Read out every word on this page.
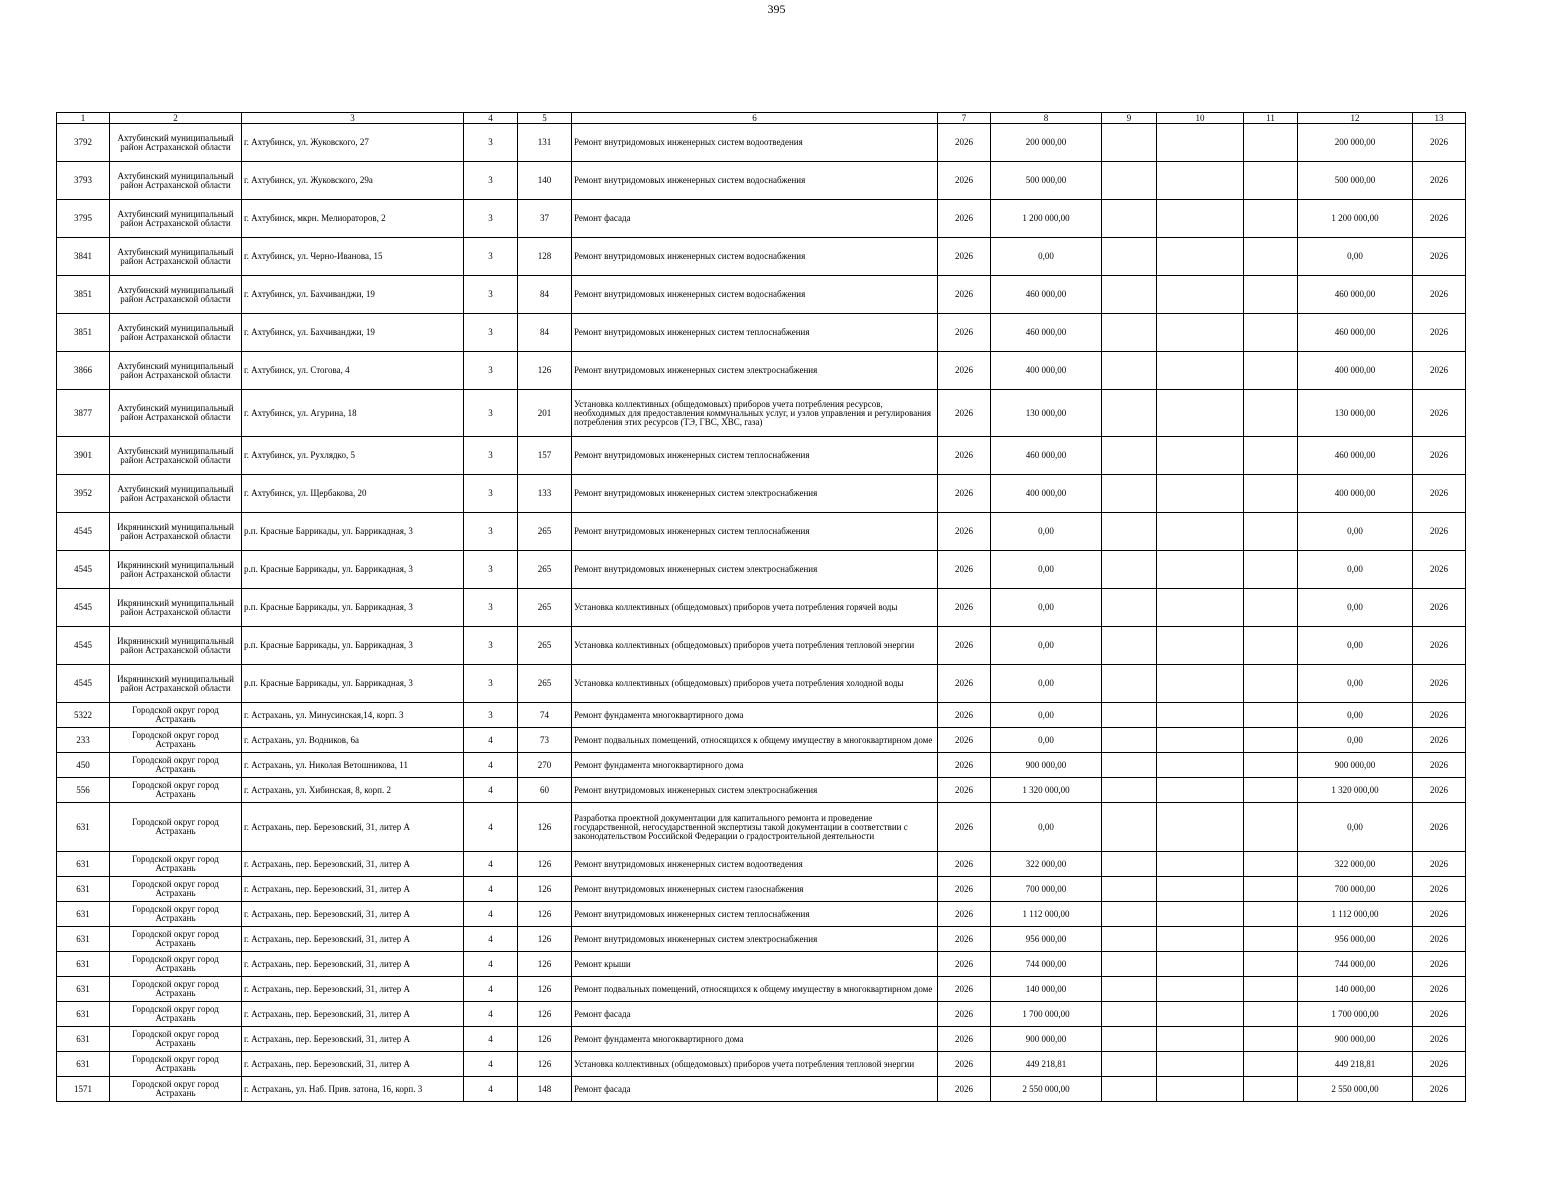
395
1	2	3	4	5	6	7	8	9	10	11	12	13
3792	Ахтубинский муниципальный район Астраханской области	г. Ахтубинск, ул. Жуковского, 27	3	131	Ремонт внутридомовых инженерных систем водоотведения	2026	200 000,00				200 000,00	2026
3793	Ахтубинский муниципальный район Астраханской области	г. Ахтубинск, ул. Жуковского, 29а	3	140	Ремонт внутридомовых инженерных систем водоснабжения	2026	500 000,00				500 000,00	2026
3795	Ахтубинский муниципальный район Астраханской области	г. Ахтубинск, мкрн. Мелиораторов, 2	3	37	Ремонт фасада	2026	1 200 000,00				1 200 000,00	2026
3841	Ахтубинский муниципальный район Астраханской области	г. Ахтубинск, ул. Черно-Иванова, 15	3	128	Ремонт внутридомовых инженерных систем водоснабжения	2026	0,00				0,00	2026
3851	Ахтубинский муниципальный район Астраханской области	г. Ахтубинск, ул. Бахчиванджи, 19	3	84	Ремонт внутридомовых инженерных систем водоснабжения	2026	460 000,00				460 000,00	2026
3851	Ахтубинский муниципальный район Астраханской области	г. Ахтубинск, ул. Бахчиванджи, 19	3	84	Ремонт внутридомовых инженерных систем теплоснабжения	2026	460 000,00				460 000,00	2026
3866	Ахтубинский муниципальный район Астраханской области	г. Ахтубинск, ул. Стогова, 4	3	126	Ремонт внутридомовых инженерных систем электроснабжения	2026	400 000,00				400 000,00	2026
3877	Ахтубинский муниципальный район Астраханской области	г. Ахтубинск, ул. Агурина, 18	3	201	Установка коллективных (общедомовых) приборов учета потребления ресурсов, необходимых для предоставления коммунальных услуг, и узлов управления и регулирования потребления этих ресурсов (ТЭ, ГВС, ХВС, газа)	2026	130 000,00				130 000,00	2026
3901	Ахтубинский муниципальный район Астраханской области	г. Ахтубинск, ул. Рухлядко, 5	3	157	Ремонт внутридомовых инженерных систем теплоснабжения	2026	460 000,00				460 000,00	2026
3952	Ахтубинский муниципальный район Астраханской области	г. Ахтубинск, ул. Щербакова, 20	3	133	Ремонт внутридомовых инженерных систем электроснабжения	2026	400 000,00				400 000,00	2026
4545	Икрянинский муниципальный район Астраханской области	р.п. Красные Баррикады, ул. Баррикадная, 3	3	265	Ремонт внутридомовых инженерных систем теплоснабжения	2026	0,00				0,00	2026
4545	Икрянинский муниципальный район Астраханской области	р.п. Красные Баррикады, ул. Баррикадная, 3	3	265	Ремонт внутридомовых инженерных систем электроснабжения	2026	0,00				0,00	2026
4545	Икрянинский муниципальный район Астраханской области	р.п. Красные Баррикады, ул. Баррикадная, 3	3	265	Установка коллективных (общедомовых) приборов учета потребления горячей воды	2026	0,00				0,00	2026
4545	Икрянинский муниципальный район Астраханской области	р.п. Красные Баррикады, ул. Баррикадная, 3	3	265	Установка коллективных (общедомовых) приборов учета потребления тепловой энергии	2026	0,00				0,00	2026
4545	Икрянинский муниципальный район Астраханской области	р.п. Красные Баррикады, ул. Баррикадная, 3	3	265	Установка коллективных (общедомовых) приборов учета потребления холодной воды	2026	0,00				0,00	2026
5322	Городской округ город Астрахань	г. Астрахань, ул. Минусинская,14, корп. 3	3	74	Ремонт фундамента многоквартирного дома	2026	0,00				0,00	2026
233	Городской округ город Астрахань	г. Астрахань, ул. Водников, 6а	4	73	Ремонт подвальных помещений, относящихся к общему имуществу в многоквартирном доме	2026	0,00				0,00	2026
450	Городской округ город Астрахань	г. Астрахань, ул. Николая Ветошникова, 11	4	270	Ремонт фундамента многоквартирного дома	2026	900 000,00				900 000,00	2026
556	Городской округ город Астрахань	г. Астрахань, ул. Хибинская, 8, корп. 2	4	60	Ремонт внутридомовых инженерных систем электроснабжения	2026	1 320 000,00				1 320 000,00	2026
631	Городской округ город Астрахань	г. Астрахань, пер. Березовский, 31, литер А	4	126	Разработка проектной документации для капитального ремонта и проведение государственной, негосударственной экспертизы такой документации в соответствии с законодательством Российской Федерации о градостроительной деятельности	2026	0,00				0,00	2026
631	Городской округ город Астрахань	г. Астрахань, пер. Березовский, 31, литер А	4	126	Ремонт внутридомовых инженерных систем водоотведения	2026	322 000,00				322 000,00	2026
631	Городской округ город Астрахань	г. Астрахань, пер. Березовский, 31, литер А	4	126	Ремонт внутридомовых инженерных систем газоснабжения	2026	700 000,00				700 000,00	2026
631	Городской округ город Астрахань	г. Астрахань, пер. Березовский, 31, литер А	4	126	Ремонт внутридомовых инженерных систем теплоснабжения	2026	1 112 000,00				1 112 000,00	2026
631	Городской округ город Астрахань	г. Астрахань, пер. Березовский, 31, литер А	4	126	Ремонт внутридомовых инженерных систем электроснабжения	2026	956 000,00				956 000,00	2026
631	Городской округ город Астрахань	г. Астрахань, пер. Березовский, 31, литер А	4	126	Ремонт крыши	2026	744 000,00				744 000,00	2026
631	Городской округ город Астрахань	г. Астрахань, пер. Березовский, 31, литер А	4	126	Ремонт подвальных помещений, относящихся к общему имуществу в многоквартирном доме	2026	140 000,00				140 000,00	2026
631	Городской округ город Астрахань	г. Астрахань, пер. Березовский, 31, литер А	4	126	Ремонт фасада	2026	1 700 000,00				1 700 000,00	2026
631	Городской округ город Астрахань	г. Астрахань, пер. Березовский, 31, литер А	4	126	Ремонт фундамента многоквартирного дома	2026	900 000,00				900 000,00	2026
631	Городской округ город Астрахань	г. Астрахань, пер. Березовский, 31, литер А	4	126	Установка коллективных (общедомовых) приборов учета потребления тепловой энергии	2026	449 218,81				449 218,81	2026
1571	Городской округ город Астрахань	г. Астрахань, ул. Наб. Прив. затона, 16, корп. 3	4	148	Ремонт фасада	2026	2 550 000,00				2 550 000,00	2026
